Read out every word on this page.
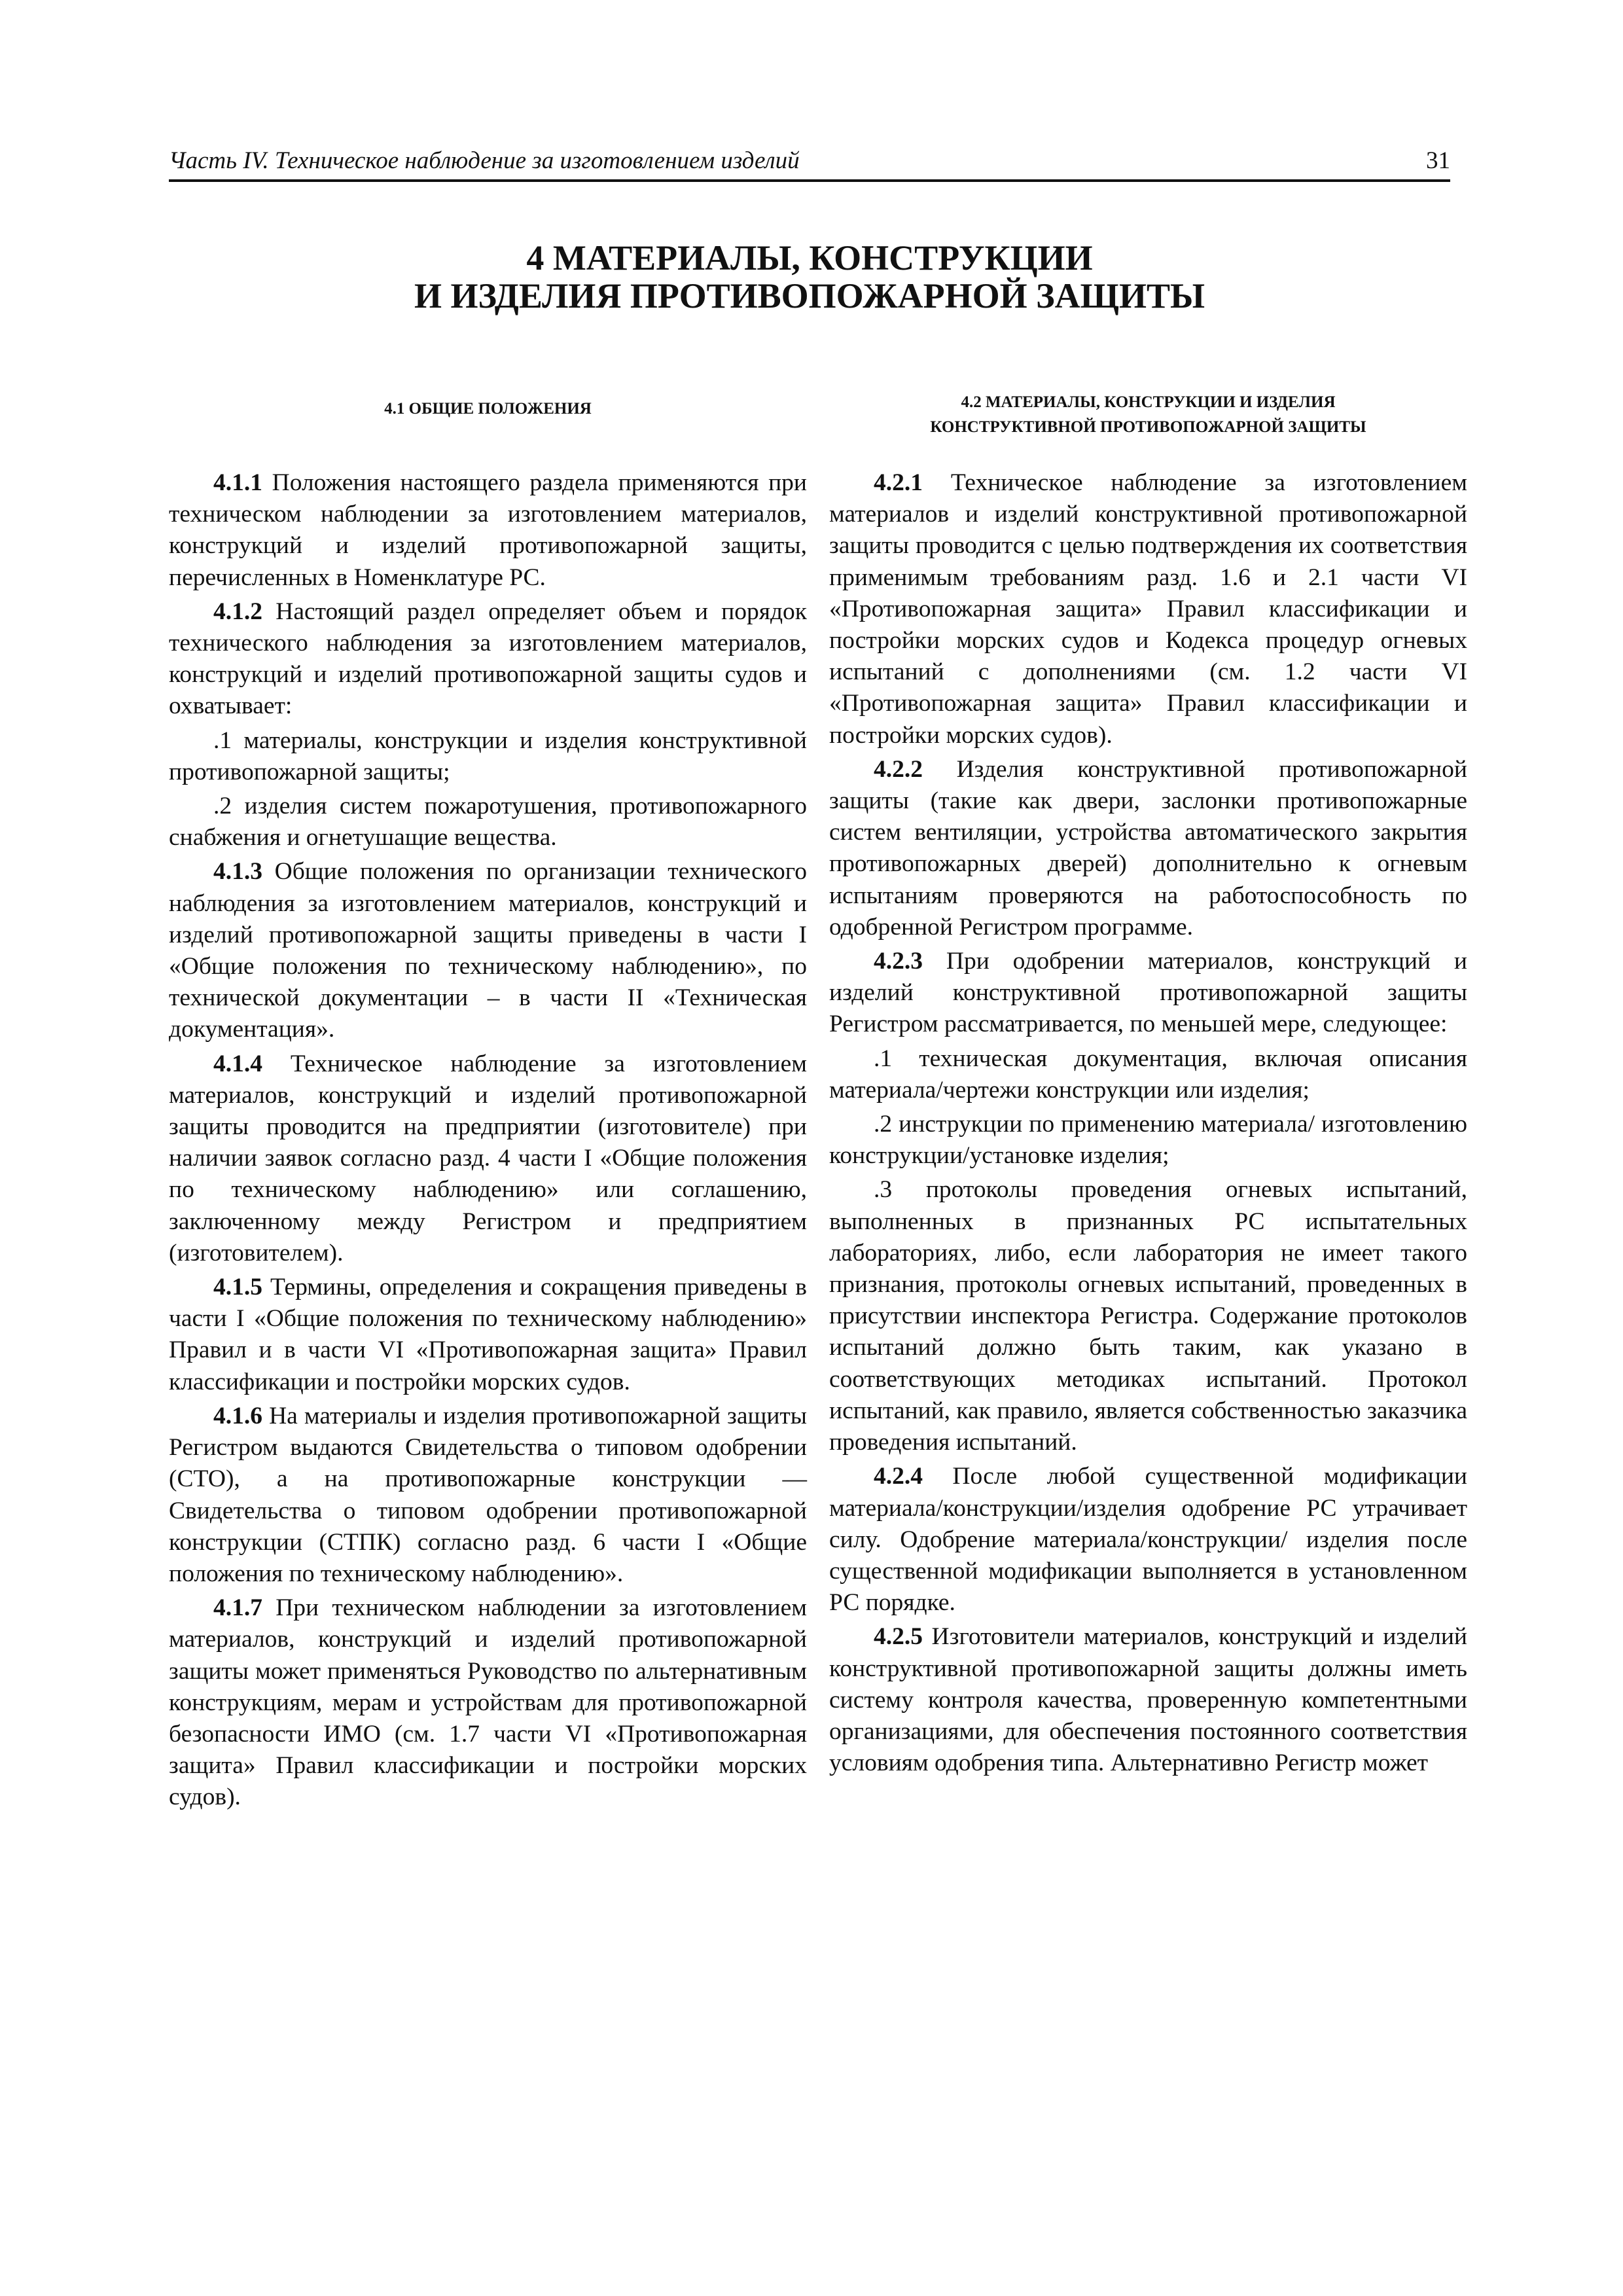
Часть IV. Техническое наблюдение за изготовлением изделий	31
4 МАТЕРИАЛЫ, КОНСТРУКЦИИ
И ИЗДЕЛИЯ ПРОТИВОПОЖАРНОЙ ЗАЩИТЫ
4.1 ОБЩИЕ ПОЛОЖЕНИЯ

4.1.1 Положения настоящего раздела применяются при техническом наблюдении за изготовлением материалов, конструкций и изделий противопожарной защиты, перечисленных в Номенклатуре РС.

4.1.2 Настоящий раздел определяет объем и порядок технического наблюдения за изготовлением материалов, конструкций и изделий противопожарной защиты судов и охватывает:

.1 материалы, конструкции и изделия конструктивной противопожарной защиты;

.2 изделия систем пожаротушения, противопожарного снабжения и огнетушащие вещества.

4.1.3 Общие положения по организации технического наблюдения за изготовлением материалов, конструкций и изделий противопожарной защиты приведены в части I «Общие положения по техническому наблюдению», по технической документации – в части II «Техническая документация».

4.1.4 Техническое наблюдение за изготовлением материалов, конструкций и изделий противопожарной защиты проводится на предприятии (изготовителе) при наличии заявок согласно разд. 4 части I «Общие положения по техническому наблюдению» или соглашению, заключенному между Регистром и предприятием (изготовителем).

4.1.5 Термины, определения и сокращения приведены в части I «Общие положения по техническому наблюдению» Правил и в части VI «Противопожарная защита» Правил классификации и постройки морских судов.

4.1.6 На материалы и изделия противопожарной защиты Регистром выдаются Свидетельства о типовом одобрении (СТО), а на противопожарные конструкции — Свидетельства о типовом одобрении противопожарной конструкции (СТПК) согласно разд. 6 части I «Общие положения по техническому наблюдению».

4.1.7 При техническом наблюдении за изготовлением материалов, конструкций и изделий противопожарной защиты может применяться Руководство по альтернативным конструкциям, мерам и устройствам для противопожарной безопасности ИМО (см. 1.7 части VI «Противопожарная защита» Правил классификации и постройки морских судов).

4.2 МАТЕРИАЛЫ, КОНСТРУКЦИИ И ИЗДЕЛИЯ
КОНСТРУКТИВНОЙ ПРОТИВОПОЖАРНОЙ ЗАЩИТЫ

4.2.1 Техническое наблюдение за изготовлением материалов и изделий конструктивной противопожарной защиты проводится с целью подтверждения их соответствия применимым требованиям разд. 1.6 и 2.1 части VI «Противопожарная защита» Правил классификации и постройки морских судов и Кодекса процедур огневых испытаний с дополнениями (см. 1.2 части VI «Противопожарная защита» Правил классификации и постройки морских судов).

4.2.2 Изделия конструктивной противопожарной защиты (такие как двери, заслонки противопожарные систем вентиляции, устройства автоматического закрытия противопожарных дверей) дополнительно к огневым испытаниям проверяются на работоспособность по одобренной Регистром программе.

4.2.3 При одобрении материалов, конструкций и изделий конструктивной противопожарной защиты Регистром рассматривается, по меньшей мере, следующее:

.1 техническая документация, включая описания материала/чертежи конструкции или изделия;

.2 инструкции по применению материала/ изготовлению конструкции/установке изделия;

.3 протоколы проведения огневых испытаний, выполненных в признанных РС испытательных лабораториях, либо, если лаборатория не имеет такого признания, протоколы огневых испытаний, проведенных в присутствии инспектора Регистра. Содержание протоколов испытаний должно быть таким, как указано в соответствующих методиках испытаний. Протокол испытаний, как правило, является собственностью заказчика проведения испытаний.

4.2.4 После любой существенной модификации материала/конструкции/изделия одобрение РС утрачивает силу. Одобрение материала/конструкции/ изделия после существенной модификации выполняется в установленном РС порядке.

4.2.5 Изготовители материалов, конструкций и изделий конструктивной противопожарной защиты должны иметь систему контроля качества, проверенную компетентными организациями, для обеспечения постоянного соответствия условиям одобрения типа. Альтернативно Регистр может
